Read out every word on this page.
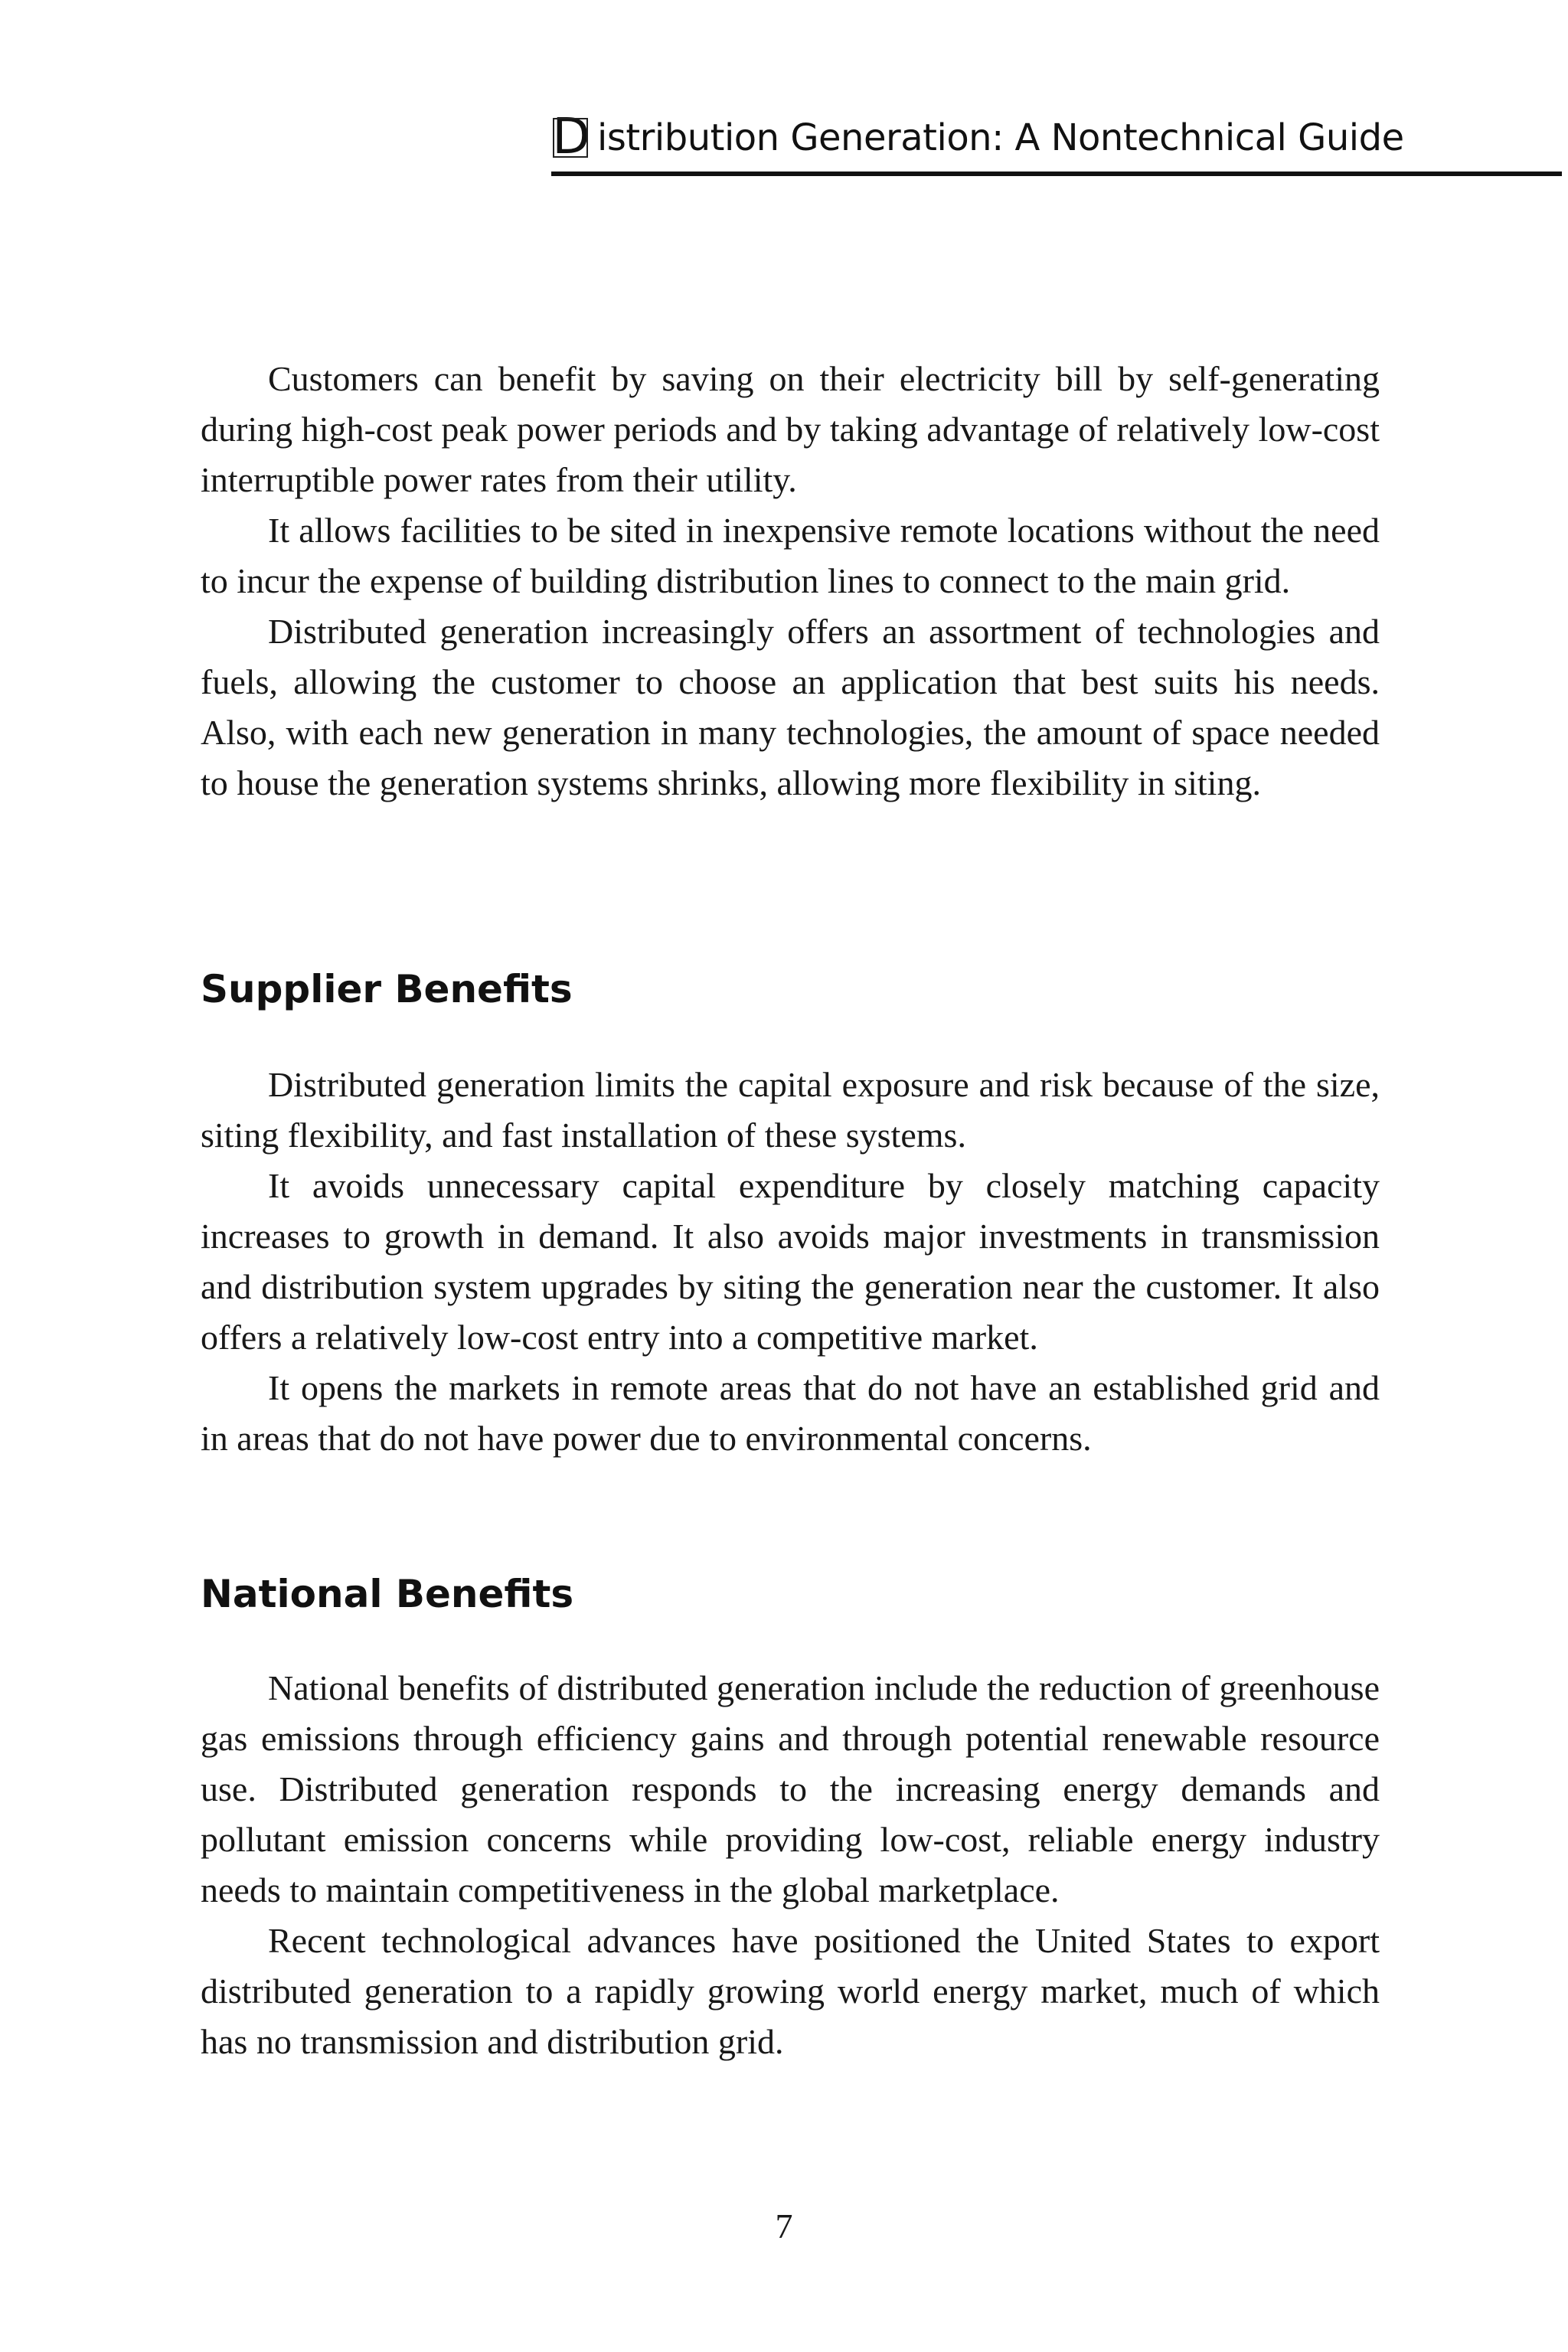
D istribution Generation: A Nontechnical Guide

Customers can benefit by saving on their electricity bill by self-generating during high-cost peak power periods and by taking advantage of relatively low-cost interruptible power rates from their utility.

It allows facilities to be sited in inexpensive remote locations without the need to incur the expense of building distribution lines to connect to the main grid.

Distributed generation increasingly offers an assortment of technologies and fuels, allowing the customer to choose an application that best suits his needs. Also, with each new generation in many technologies, the amount of space needed to house the generation systems shrinks, allowing more flexibility in siting.

Supplier Benefits

Distributed generation limits the capital exposure and risk because of the size, siting flexibility, and fast installation of these systems.

It avoids unnecessary capital expenditure by closely matching capacity increases to growth in demand. It also avoids major investments in transmission and distribution system upgrades by siting the generation near the customer. It also offers a relatively low-cost entry into a competitive market.

It opens the markets in remote areas that do not have an established grid and in areas that do not have power due to environmental concerns.

National Benefits

National benefits of distributed generation include the reduction of greenhouse gas emissions through efficiency gains and through potential renewable resource use. Distributed generation responds to the increasing energy demands and pollutant emission concerns while providing low-cost, reliable energy industry needs to maintain competitiveness in the global marketplace.

Recent technological advances have positioned the United States to export distributed generation to a rapidly growing world energy market, much of which has no transmission and distribution grid.

7
